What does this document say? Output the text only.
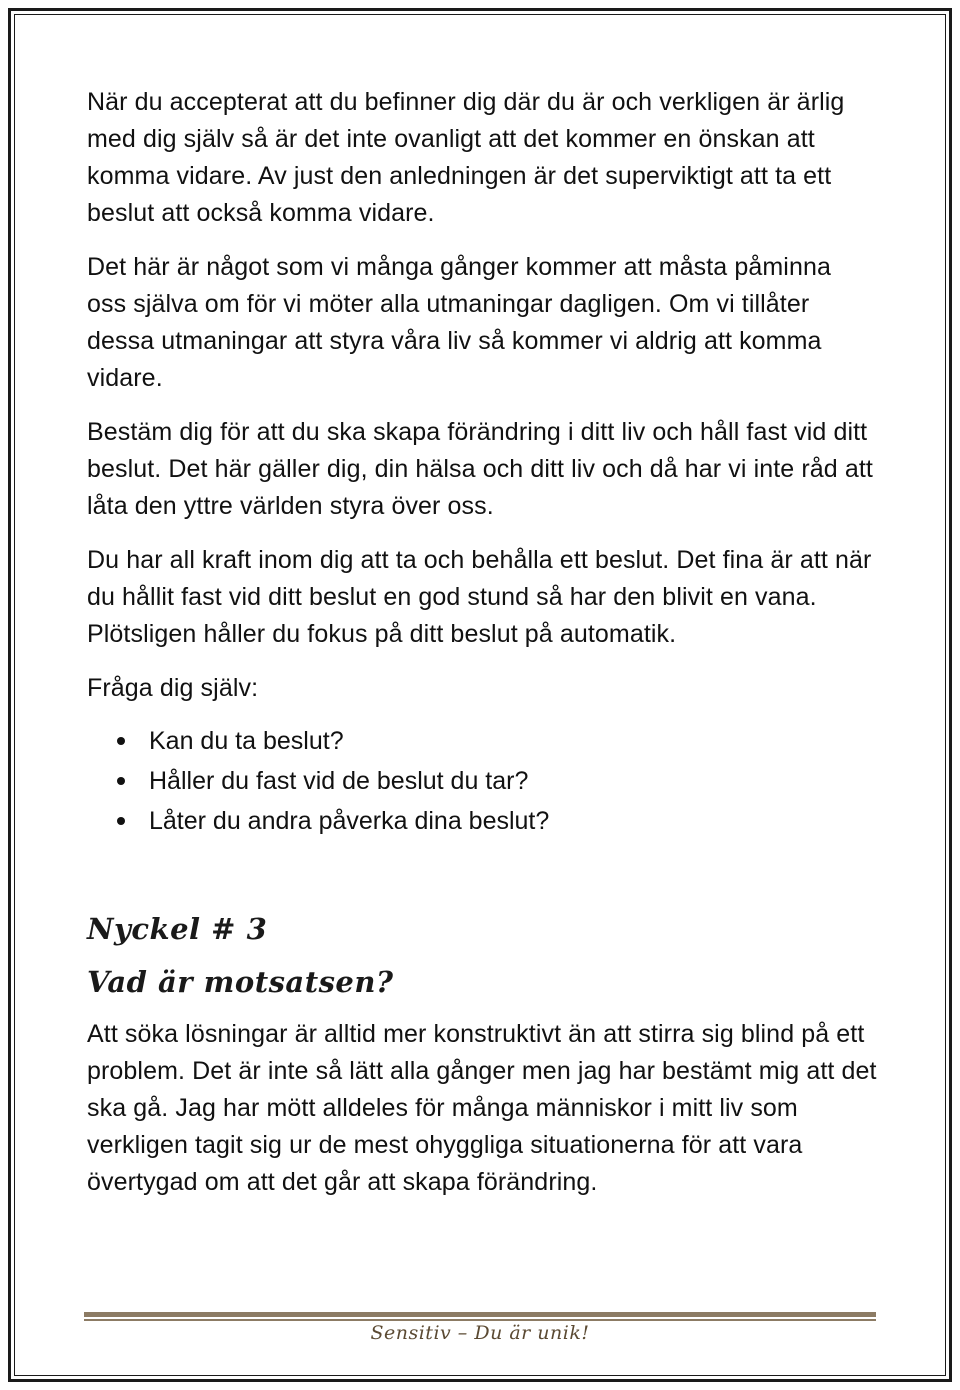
När du accepterat att du befinner dig där du är och verkligen är ärlig med dig själv så är det inte ovanligt att det kommer en önskan att komma vidare. Av just den anledningen är det superviktigt att ta ett beslut att också komma vidare.

Det här är något som vi många gånger kommer att måsta påminna oss själva om för vi möter alla utmaningar dagligen. Om vi tillåter dessa utmaningar att styra våra liv så kommer vi aldrig att komma vidare.

Bestäm dig för att du ska skapa förändring i ditt liv och håll fast vid ditt beslut. Det här gäller dig, din hälsa och ditt liv och då har vi inte råd att låta den yttre världen styra över oss.

Du har all kraft inom dig att ta och behålla ett beslut. Det fina är att när du hållit fast vid ditt beslut en god stund så har den blivit en vana. Plötsligen håller du fokus på ditt beslut på automatik.

Fråga dig själv:

Kan du ta beslut?
Håller du fast vid de beslut du tar?
Låter du andra påverka dina beslut?
Nyckel # 3
Vad är motsatsen?

Att söka lösningar är alltid mer konstruktivt än att stirra sig blind på ett problem. Det är inte så lätt alla gånger men jag har bestämt mig att det ska gå. Jag har mött alldeles för många människor i mitt liv som verkligen tagit sig ur de mest ohyggliga situationerna för att vara övertygad om att det går att skapa förändring.

Sensitiv – Du är unik!
